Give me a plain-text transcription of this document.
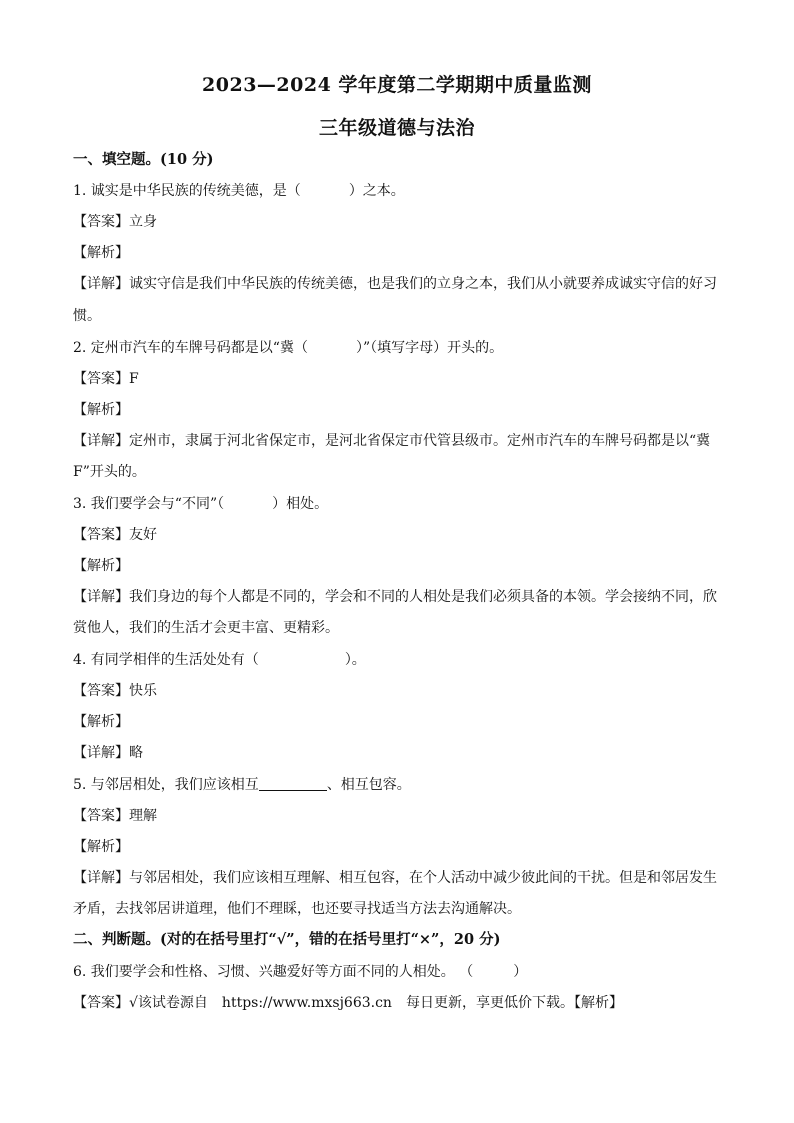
2023—2024 学年度第二学期期中质量监测
三年级道德与法治
一、填空题。(10 分)
1. 诚实是中华民族的传统美德，是（	）之本。
【答案】立身
【解析】
【详解】诚实守信是我们中华民族的传统美德，也是我们的立身之本，我们从小就要养成诚实守信的好习
惯。
2. 定州市汽车的车牌号码都是以“冀（	）”（填写字母）开头的。
【答案】F
【解析】
【详解】定州市，隶属于河北省保定市，是河北省保定市代管县级市。定州市汽车的车牌号码都是以“冀
F”开头的。
3. 我们要学会与“不同”（	）相处。
【答案】友好
【解析】
【详解】我们身边的每个人都是不同的，学会和不同的人相处是我们必须具备的本领。学会接纳不同，欣
赏他人，我们的生活才会更丰富、更精彩。
4. 有同学相伴的生活处处有（	）。
【答案】快乐
【解析】
【详解】略
5. 与邻居相处，我们应该相互	、相互包容。
【答案】理解
【解析】
【详解】与邻居相处，我们应该相互理解、相互包容，在个人活动中减少彼此间的干扰。但是和邻居发生
矛盾，去找邻居讲道理，他们不理睬，也还要寻找适当方法去沟通解决。
二、判断题。(对的在括号里打“√”，错的在括号里打“×”，20 分)
6. 我们要学会和性格、习惯、兴趣爱好等方面不同的人相处。 （	）
【答案】√该试卷源自 https://www.mxsj663.cn 每日更新，享更低价下载。【解析】
